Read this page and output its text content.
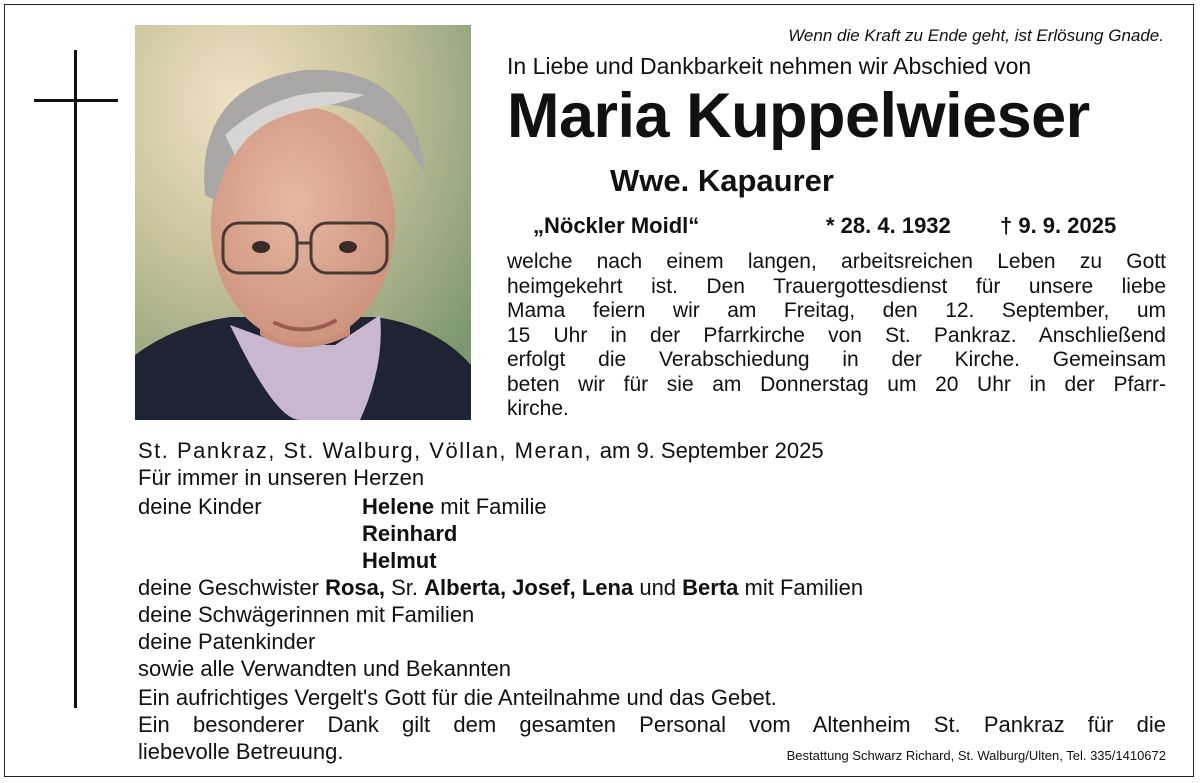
Wenn die Kraft zu Ende geht, ist Erlösung Gnade.
In Liebe und Dankbarkeit nehmen wir Abschied von
Maria Kuppelwieser
Wwe. Kapaurer
„Nöckler Moidl“	* 28. 4. 1932 † 9. 9. 2025
welche nach einem langen, arbeitsreichen Leben zu Gott
heimgekehrt ist. Den Trauergottesdienst für unsere liebe
Mama feiern wir am Freitag, den 12. September, um
15 Uhr in der Pfarrkirche von St. Pankraz. Anschließend
erfolgt die Verabschiedung in der Kirche. Gemeinsam
beten wir für sie am Donnerstag um 20 Uhr in der Pfarr-
kirche.
St. Pankraz, St. Walburg, Völlan, Meran, am 9. September 2025
Für immer in unseren Herzen
deine Kinder	Helene mit Familie
Reinhard
Helmut
deine Geschwister Rosa, Sr. Alberta, Josef, Lena und Berta mit Familien
deine Schwägerinnen mit Familien
deine Patenkinder
sowie alle Verwandten und Bekannten
Ein aufrichtiges Vergelt's Gott für die Anteilnahme und das Gebet.
Ein besonderer Dank gilt dem gesamten Personal vom Altenheim St. Pankraz für die
liebevolle Betreuung.	Bestattung Schwarz Richard, St. Walburg/Ulten, Tel. 335/1410672
